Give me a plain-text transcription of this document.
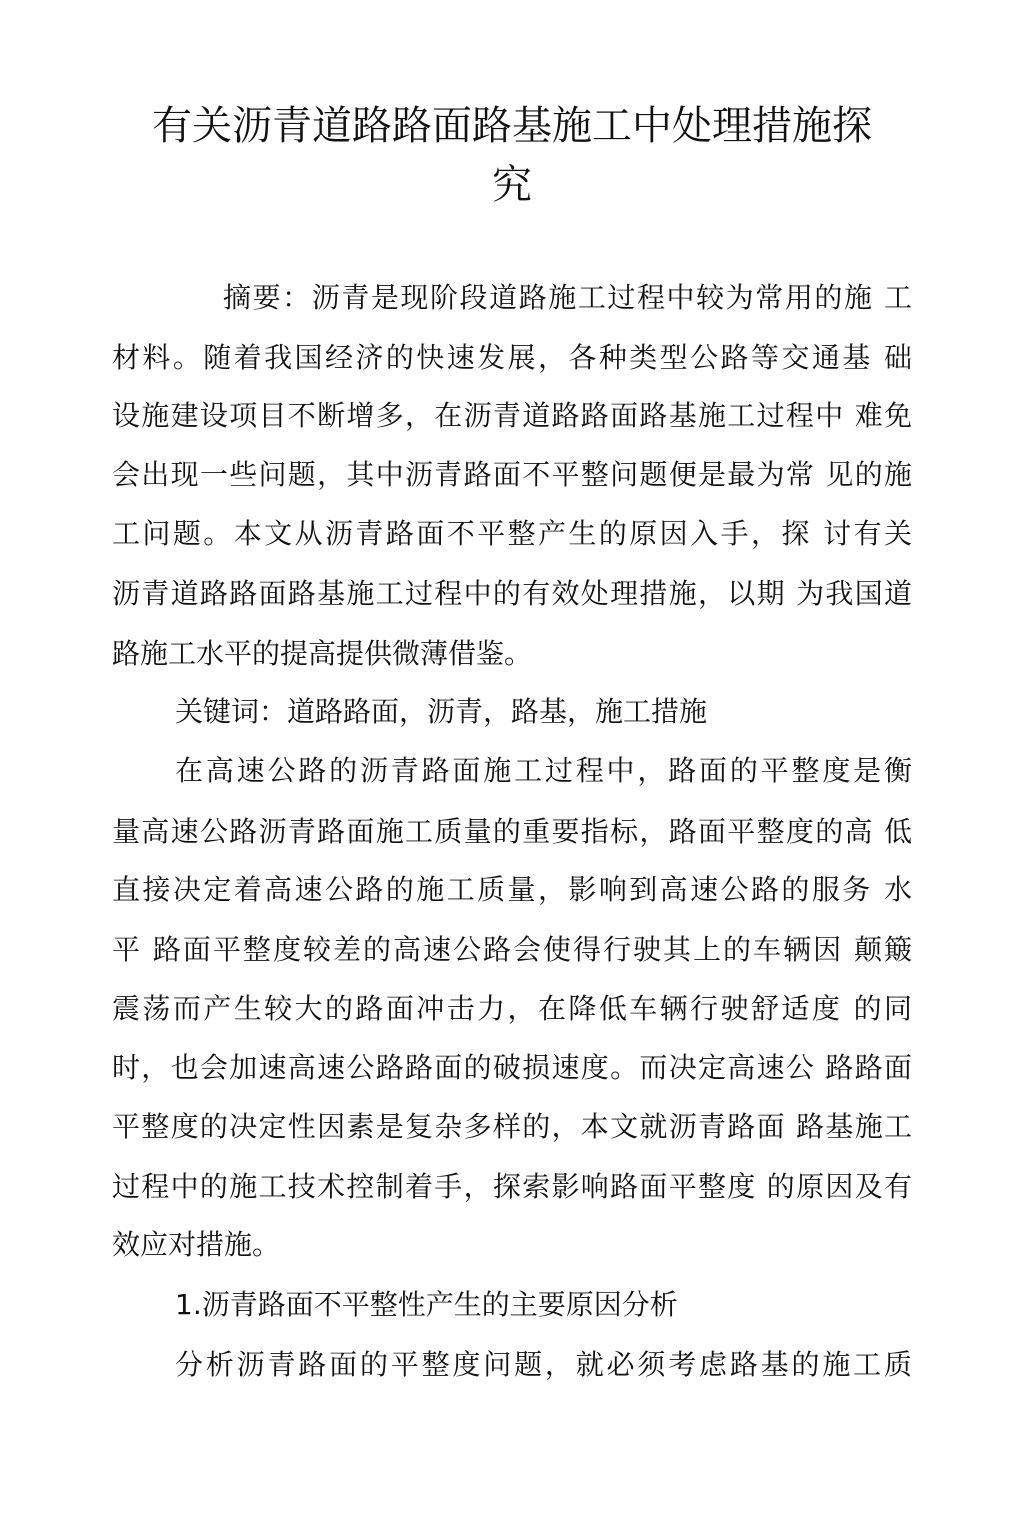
有关沥青道路路面路基施工中处理措施探
究
摘要：沥青是现阶段道路施工过程中较为常用的施 工
材料。随着我国经济的快速发展，各种类型公路等交通基 础
设施建设项目不断增多，在沥青道路路面路基施工过程中 难免
会出现一些问题，其中沥青路面不平整问题便是最为常 见的施
工问题。本文从沥青路面不平整产生的原因入手，探 讨有关
沥青道路路面路基施工过程中的有效处理措施，以期 为我国道
路施工水平的提高提供微薄借鉴。
关键词：道路路面，沥青，路基，施工措施
在高速公路的沥青路面施工过程中，路面的平整度是衡
量高速公路沥青路面施工质量的重要指标，路面平整度的高 低
直接决定着高速公路的施工质量，影响到高速公路的服务 水
平 路面平整度较差的高速公路会使得行驶其上的车辆因 颠簸
震荡而产生较大的路面冲击力，在降低车辆行驶舒适度 的同
时，也会加速高速公路路面的破损速度。而决定高速公 路路面
平整度的决定性因素是复杂多样的，本文就沥青路面 路基施工
过程中的施工技术控制着手，探索影响路面平整度 的原因及有
效应对措施。
1.沥青路面不平整性产生的主要原因分析
分析沥青路面的平整度问题，就必须考虑路基的施工质
